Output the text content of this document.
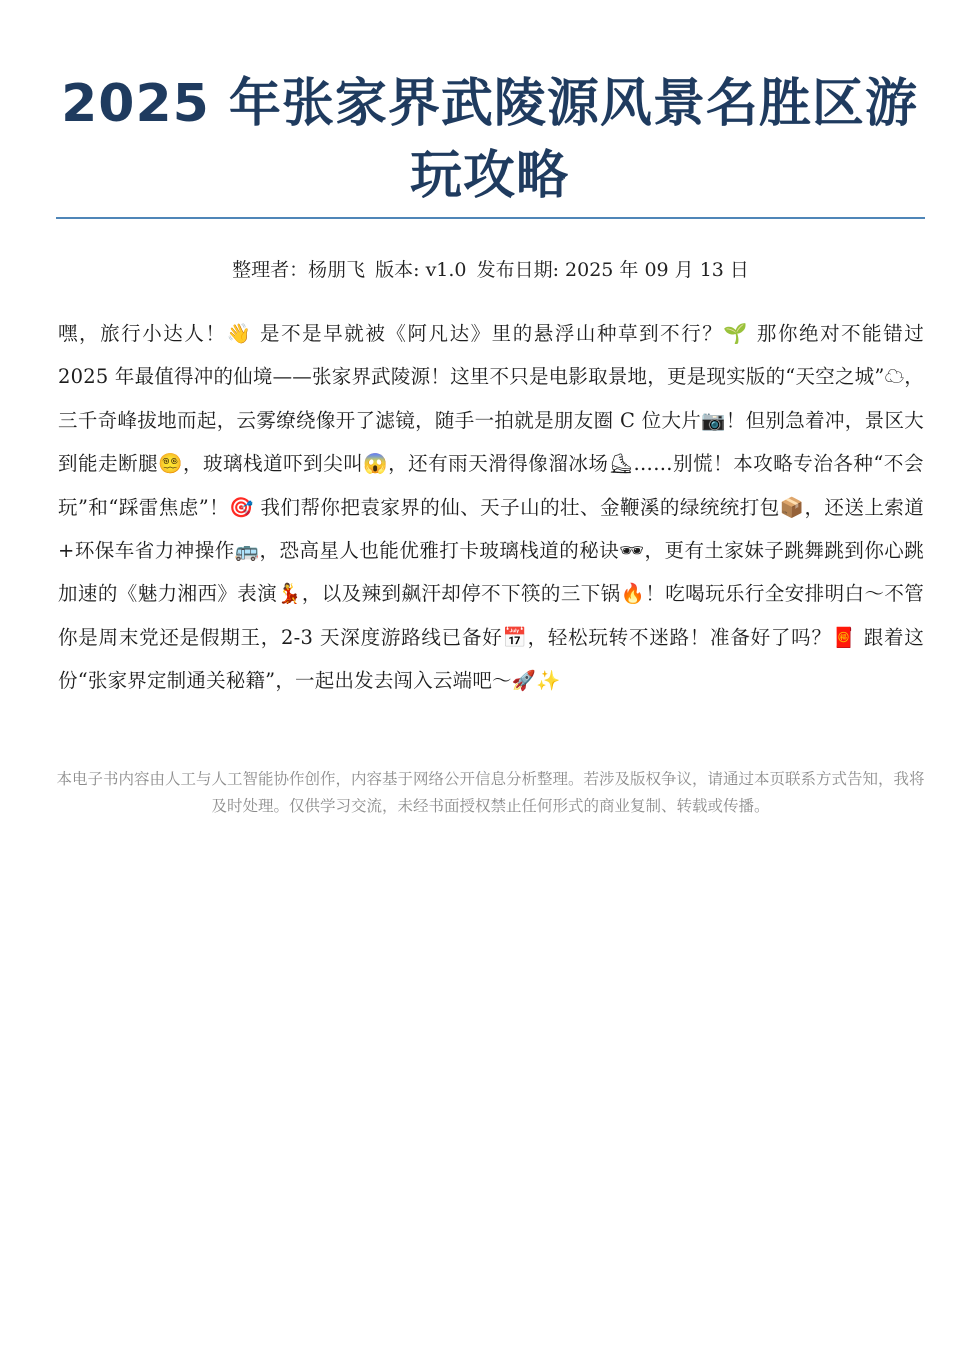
2025 年张家界武陵源风景名胜区游玩攻略
整理者：杨朋飞 版本: v1.0 发布日期: 2025 年 09 月 13 日

嘿，旅行小达人！👋 是不是早就被《阿凡达》里的悬浮山种草到不行？🌱 那你绝对不能错过 2025 年最值得冲的仙境——张家界武陵源！这里不只是电影取景地，更是现实版的“天空之城”☁，三千奇峰拔地而起，云雾缭绕像开了滤镜，随手一拍就是朋友圈 C 位大片📷！但别急着冲，景区大到能走断腿😵‍💫，玻璃栈道吓到尖叫😱，还有雨天滑得像溜冰场⛸……别慌！本攻略专治各种“不会玩”和“踩雷焦虑”！🎯 我们帮你把袁家界的仙、天子山的壮、金鞭溪的绿统统打包📦，还送上索道+环保车省力神操作🚌，恐高星人也能优雅打卡玻璃栈道的秘诀🕶，更有土家妹子跳舞跳到你心跳加速的《魅力湘西》表演💃，以及辣到飙汗却停不下筷的三下锅🔥！吃喝玩乐行全安排明白～不管你是周末党还是假期王，2-3 天深度游路线已备好📅，轻松玩转不迷路！准备好了吗？🧧 跟着这份“张家界定制通关秘籍”，一起出发去闯入云端吧～🚀✨

本电子书内容由人工与人工智能协作创作，内容基于网络公开信息分析整理。若涉及版权争议，请通过本页联系方式告知，我将及时处理。仅供学习交流，未经书面授权禁止任何形式的商业复制、转载或传播。
